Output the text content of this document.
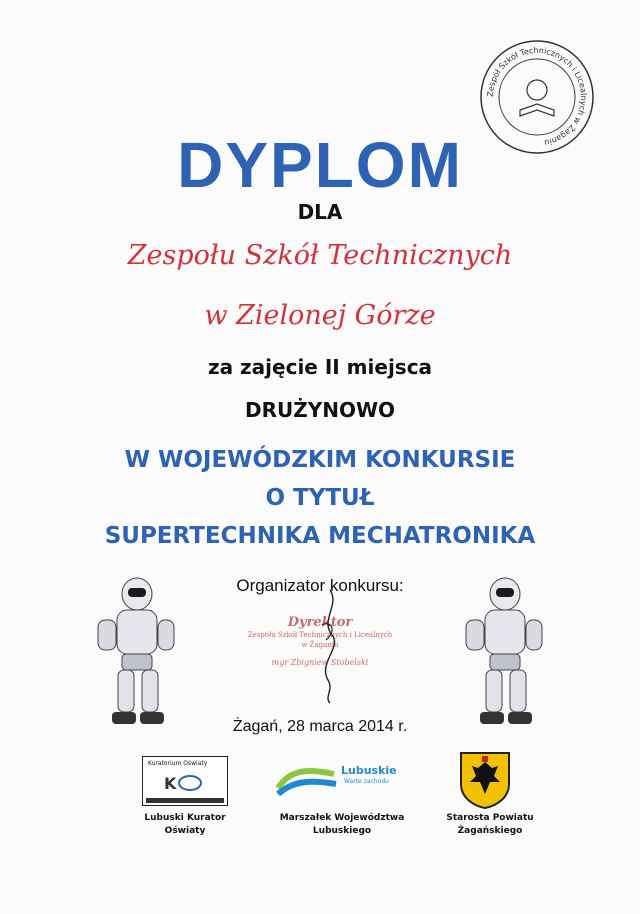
Zespół Szkół Technicznych i Licealnych w Żaganiu
DYPLOM
DLA
Zespołu Szkół Technicznych
w Zielonej Górze
za zajęcie II miejsca
DRUŻYNOWO
W WOJEWÓDZKIM KONKURSIE
O TYTUŁ
SUPERTECHNIKA MECHATRONIKA
Organizator konkursu:
Dyrektor
Zespołu Szkół Technicznych i Licealnych
w Żaganiu
mgr Zbigniew Stobelski
Żagań, 28 marca 2014 r.
Kuratorium Oświaty
K
Lubuskie
Warte zachodu
Lubuski Kurator
Oświaty
Marszałek Województwa
Lubuskiego
Starosta Powiatu
Żagańskiego
